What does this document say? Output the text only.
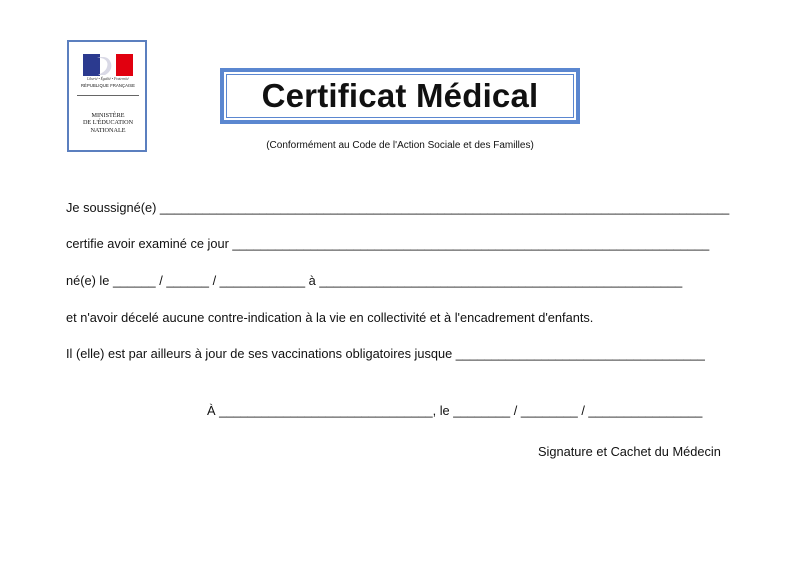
Liberté • Égalité • Fraternité
RÉPUBLIQUE FRANÇAISE
MINISTÈRE
DE L'ÉDUCATION
NATIONALE
Certificat Médical
(Conformément au Code de l'Action Sociale et des Familles)
Je soussigné(e) ________________________________________________________________________________
certifie avoir examiné ce jour ___________________________________________________________________
né(e) le ______ / ______ / ____________ à ___________________________________________________
et n'avoir décelé aucune contre-indication à la vie en collectivité et à l'encadrement d'enfants.
Il (elle) est par ailleurs à jour de ses vaccinations obligatoires jusque ___________________________________
À ______________________________, le ________ / ________ / ________________
Signature et Cachet du Médecin
